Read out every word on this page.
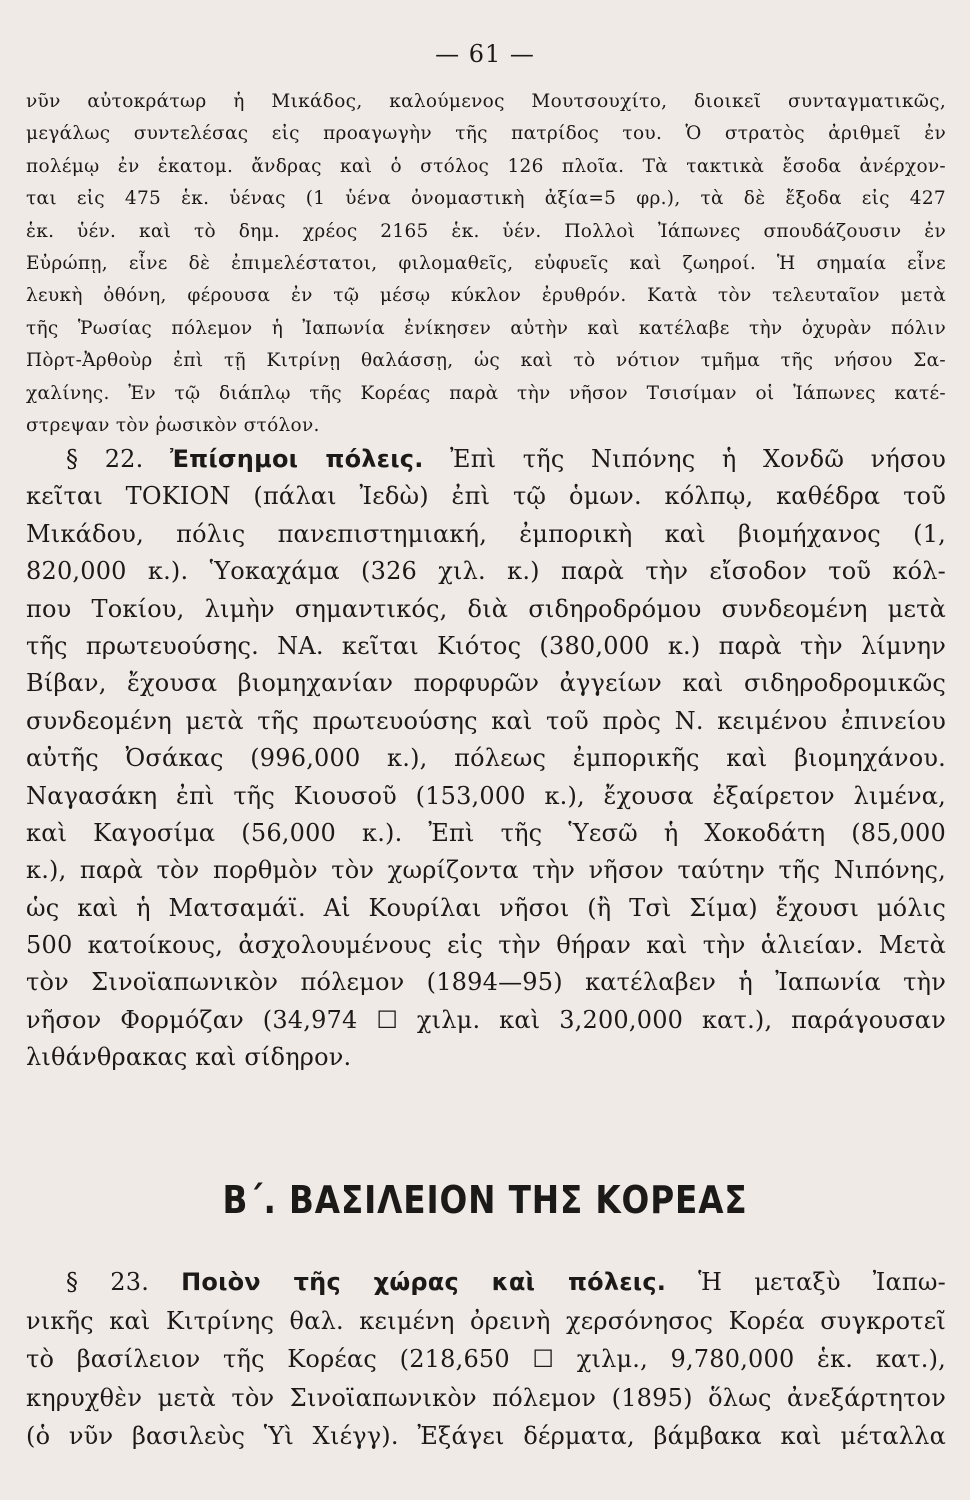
— 61 —
νῦν αὐτοκράτωρ ἡ Μικάδος, καλούμενος Μουτσουχίτο, διοικεῖ συνταγματικῶς,
μεγάλως συντελέσας εἰς προαγωγὴν τῆς πατρίδος του. Ὁ στρατὸς ἀριθμεῖ ἐν
πολέμῳ ἐν ἑκατομ. ἄνδρας καὶ ὁ στόλος 126 πλοῖα. Τὰ τακτικὰ ἔσοδα ἀνέρχον-
ται εἰς 475 ἑκ. ὑένας (1 ὑένα ὀνομαστικὴ ἀξία=5 φρ.), τὰ δὲ ἔξοδα εἰς 427
ἑκ. ὑέν. καὶ τὸ δημ. χρέος 2165 ἑκ. ὑέν. Πολλοὶ Ἰάπωνες σπουδάζουσιν ἐν
Εὐρώπῃ, εἶνε δὲ ἐπιμελέστατοι, φιλομαθεῖς, εὐφυεῖς καὶ ζωηροί. Ἡ σημαία εἶνε
λευκὴ ὀθόνη, φέρουσα ἐν τῷ μέσῳ κύκλον ἐρυθρόν. Κατὰ τὸν τελευταῖον μετὰ
τῆς Ῥωσίας πόλεμον ἡ Ἰαπωνία ἐνίκησεν αὐτὴν καὶ κατέλαβε τὴν ὀχυρὰν πόλιν
Πὸρτ-Ἀρθοὺρ ἐπὶ τῇ Κιτρίνῃ θαλάσσῃ, ὡς καὶ τὸ νότιον τμῆμα τῆς νήσου Σα-
χαλίνης. Ἐν τῷ διάπλῳ τῆς Κορέας παρὰ τὴν νῆσον Τσισίμαν οἱ Ἰάπωνες κατέ-
στρεψαν τὸν ῥωσικὸν στόλον.
§ 22. Ἐπίσημοι πόλεις. Ἐπὶ τῆς Νιπόνης ἡ Χονδῶ νήσου
κεῖται ΤΟΚΙΟΝ (πάλαι Ἰεδὼ) ἐπὶ τῷ ὁμων. κόλπῳ, καθέδρα τοῦ
Μικάδου, πόλις πανεπιστημιακή, ἐμπορικὴ καὶ βιομήχανος (1,
820,000 κ.). Ὑοκαχάμα (326 χιλ. κ.) παρὰ τὴν εἴσοδον τοῦ κόλ-
που Τοκίου, λιμὴν σημαντικός, διὰ σιδηροδρόμου συνδεομένη μετὰ
τῆς πρωτευούσης. ΝΑ. κεῖται Κιότος (380,000 κ.) παρὰ τὴν λίμνην
Βίβαν, ἔχουσα βιομηχανίαν πορφυρῶν ἀγγείων καὶ σιδηροδρομικῶς
συνδεομένη μετὰ τῆς πρωτευούσης καὶ τοῦ πρὸς Ν. κειμένου ἐπινείου
αὐτῆς Ὀσάκας (996,000 κ.), πόλεως ἐμπορικῆς καὶ βιομηχάνου.
Ναγασάκη ἐπὶ τῆς Κιουσοῦ (153,000 κ.), ἔχουσα ἐξαίρετον λιμένα,
καὶ Καγοσίμα (56,000 κ.). Ἐπὶ τῆς Ὑεσῶ ἡ Χοκοδάτη (85,000
κ.), παρὰ τὸν πορθμὸν τὸν χωρίζοντα τὴν νῆσον ταύτην τῆς Νιπόνης,
ὡς καὶ ἡ Ματσαμάϊ. Αἱ Κουρίλαι νῆσοι (ἢ Τσὶ Σίμα) ἔχουσι μόλις
500 κατοίκους, ἀσχολουμένους εἰς τὴν θήραν καὶ τὴν ἁλιείαν. Μετὰ
τὸν Σινοϊαπωνικὸν πόλεμον (1894—95) κατέλαβεν ἡ Ἰαπωνία τὴν
νῆσον Φορμόζαν (34,974 ☐ χιλμ. καὶ 3,200,000 κατ.), παράγουσαν
λιθάνθρακας καὶ σίδηρον.
Β΄. ΒΑΣΙΛΕΙΟΝ ΤΗΣ ΚΟΡΕΑΣ
§ 23. Ποιὸν τῆς χώρας καὶ πόλεις. Ἡ μεταξὺ Ἰαπω-
νικῆς καὶ Κιτρίνης θαλ. κειμένη ὀρεινὴ χερσόνησος Κορέα συγκροτεῖ
τὸ βασίλειον τῆς Κορέας (218,650 ☐ χιλμ., 9,780,000 ἑκ. κατ.),
κηρυχθὲν μετὰ τὸν Σινοϊαπωνικὸν πόλεμον (1895) ὅλως ἀνεξάρτητον
(ὁ νῦν βασιλεὺς Ὑὶ Χιέγγ). Ἐξάγει δέρματα, βάμβακα καὶ μέταλλα
